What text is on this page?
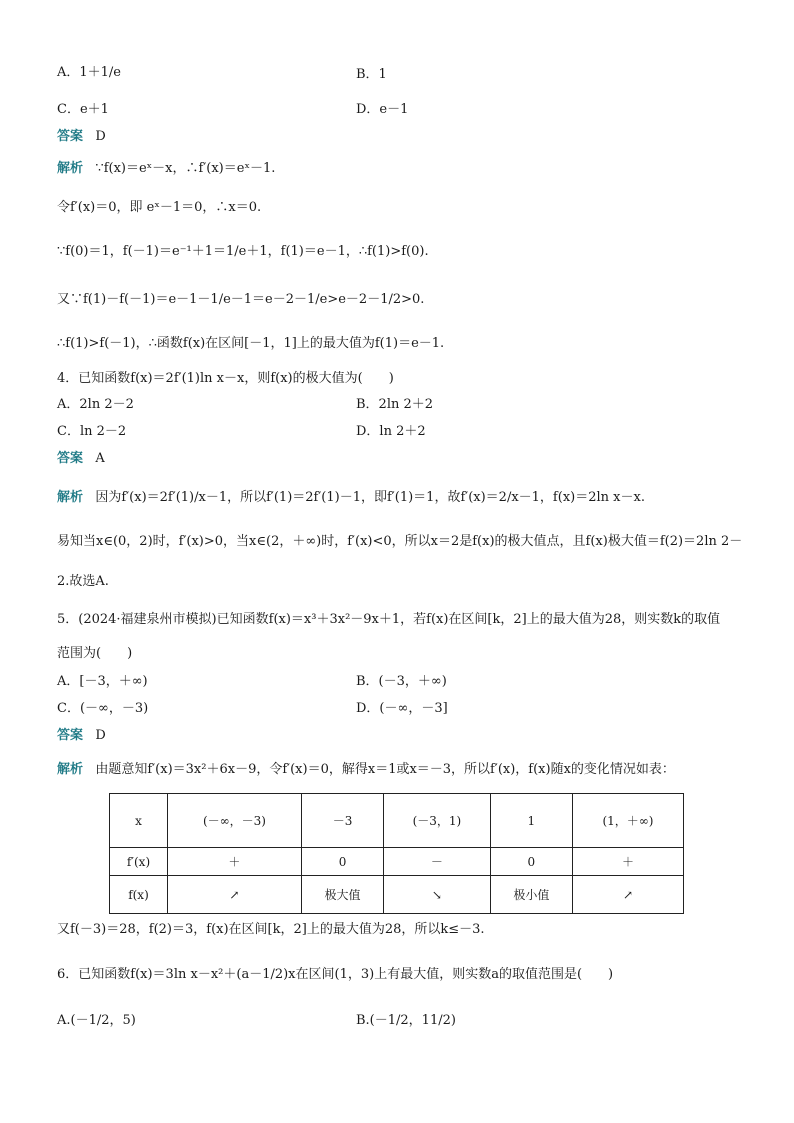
A．1＋1/e	B．1
C．e＋1	D．e－1
答案 D
解析 ∵f(x)＝eˣ－x，∴f′(x)＝eˣ－1.
令f′(x)＝0，即 eˣ－1＝0，∴x＝0.
∵f(0)＝1，f(－1)＝e⁻¹＋1＝1/e＋1，f(1)＝e－1，∴f(1)>f(0).
又∵f(1)－f(－1)＝e－1－1/e－1＝e－2－1/e>e－2－1/2>0.
∴f(1)>f(－1)，∴函数f(x)在区间[－1，1]上的最大值为f(1)＝e－1.
4．已知函数f(x)＝2f′(1)ln x－x，则f(x)的极大值为(　　)
A．2ln 2－2	B．2ln 2＋2
C．ln 2－2	D．ln 2＋2
答案 A
解析 因为f′(x)＝2f′(1)/x－1，所以f′(1)＝2f′(1)－1，即f′(1)＝1，故f′(x)＝2/x－1，f(x)＝2ln x－x.
易知当x∈(0，2)时，f′(x)>0，当x∈(2，＋∞)时，f′(x)<0，所以x＝2是f(x)的极大值点，且f(x)极大值＝f(2)＝2ln 2－
2.故选A.
5．(2024·福建泉州市模拟)已知函数f(x)＝x³＋3x²－9x＋1，若f(x)在区间[k，2]上的最大值为28，则实数k的取值
范围为(　　)
A．[－3，＋∞)	B．(－3，＋∞)
C．(－∞，－3)	D．(－∞，－3]
答案 D
解析 由题意知f′(x)＝3x²＋6x－9，令f′(x)＝0，解得x＝1或x＝－3，所以f′(x)，f(x)随x的变化情况如表：
x	(－∞，－3)	－3	(－3，1)	1	(1，＋∞)
f′(x)	＋	0	－	0	＋
f(x)	↗	极大值	↘	极小值	↗
又f(－3)＝28，f(2)＝3，f(x)在区间[k，2]上的最大值为28，所以k≤－3.
6．已知函数f(x)＝3ln x－x²＋(a－1/2)x在区间(1，3)上有最大值，则实数a的取值范围是(　　)
A.(－1/2，5)	B.(－1/2，11/2)
